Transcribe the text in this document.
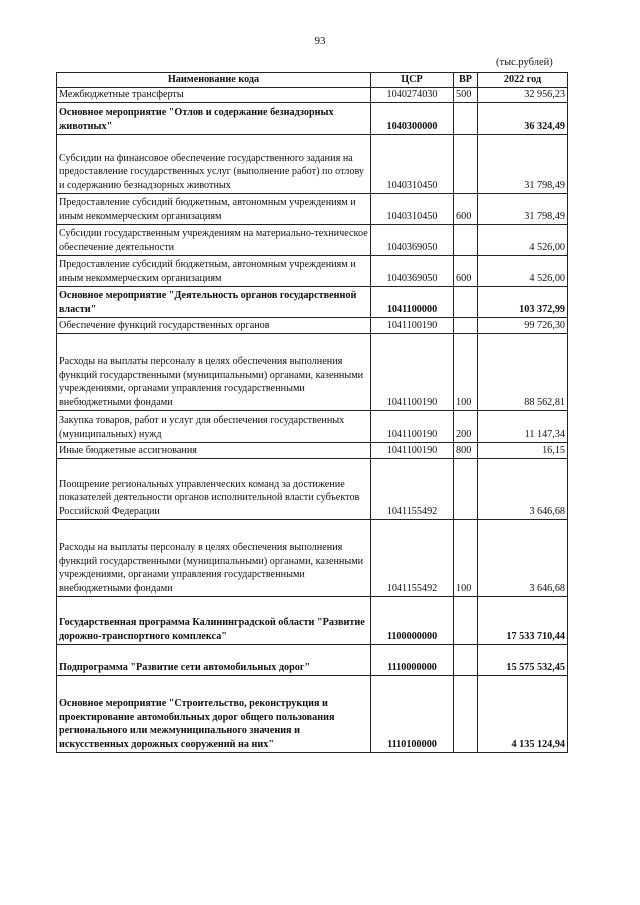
93
(тыс.рублей)
Наименование кода	ЦСР	ВР	2022 год
Межбюджетные трансферты	1040274030	500	32 956,23
Основное мероприятие "Отлов и содержание безнадзорных животных"	1040300000		36 324,49
Субсидии на финансовое обеспечение государственного задания на предоставление государственных услуг (выполнение работ) по отлову и содержанию безнадзорных животных	1040310450		31 798,49
Предоставление субсидий бюджетным, автономным учреждениям и иным некоммерческим организациям	1040310450	600	31 798,49
Субсидии государственным учреждениям на материально-техническое обеспечение деятельности	1040369050		4 526,00
Предоставление субсидий бюджетным, автономным учреждениям и иным некоммерческим организациям	1040369050	600	4 526,00
Основное мероприятие "Деятельность органов государственной власти"	1041100000		103 372,99
Обеспечение функций государственных органов	1041100190		99 726,30
Расходы на выплаты персоналу в целях обеспечения выполнения функций государственными (муниципальными) органами, казенными учреждениями, органами управления государственными внебюджетными фондами	1041100190	100	88 562,81
Закупка товаров, работ и услуг для обеспечения государственных (муниципальных) нужд	1041100190	200	11 147,34
Иные бюджетные ассигнования	1041100190	800	16,15
Поощрение региональных управленческих команд за достижение показателей деятельности органов исполнительной власти субъектов Российской Федерации	1041155492		3 646,68
Расходы на выплаты персоналу в целях обеспечения выполнения функций государственными (муниципальными) органами, казенными учреждениями, органами управления государственными внебюджетными фондами	1041155492	100	3 646,68
Государственная программа Калининградской области "Развитие дорожно-транспортного комплекса"	1100000000		17 533 710,44
Подпрограмма "Развитие сети автомобильных дорог"	1110000000		15 575 532,45
Основное мероприятие "Строительство, реконструкция и проектирование автомобильных дорог общего пользования регионального или межмуниципального значения и искусственных дорожных сооружений на них"	1110100000		4 135 124,94
